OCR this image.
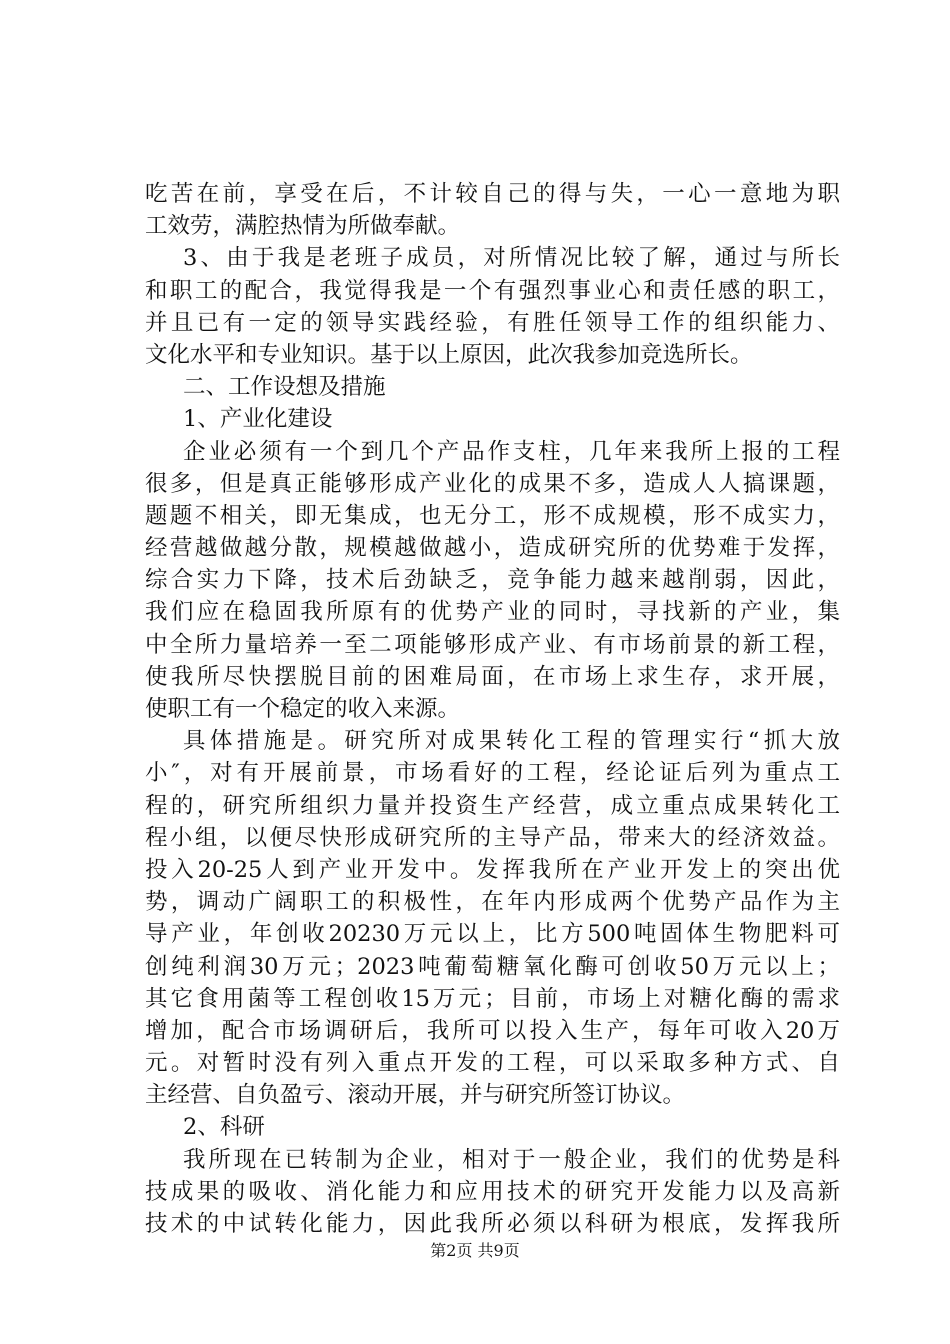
吃苦在前，享受在后，不计较自己的得与失，一心一意地为职
工效劳，满腔热情为所做奉献。
3、由于我是老班子成员，对所情况比较了解，通过与所长
和职工的配合，我觉得我是一个有强烈事业心和责任感的职工，
并且已有一定的领导实践经验，有胜任领导工作的组织能力、
文化水平和专业知识。基于以上原因，此次我参加竞选所长。
二、工作设想及措施
1、产业化建设
企业必须有一个到几个产品作支柱，几年来我所上报的工程
很多，但是真正能够形成产业化的成果不多，造成人人搞课题，
题题不相关，即无集成，也无分工，形不成规模，形不成实力，
经营越做越分散，规模越做越小，造成研究所的优势难于发挥，
综合实力下降，技术后劲缺乏，竞争能力越来越削弱，因此，
我们应在稳固我所原有的优势产业的同时，寻找新的产业，集
中全所力量培养一至二项能够形成产业、有市场前景的新工程，
使我所尽快摆脱目前的困难局面，在市场上求生存，求开展，
使职工有一个稳定的收入来源。
具体措施是。研究所对成果转化工程的管理实行“抓大放
小″，对有开展前景，市场看好的工程，经论证后列为重点工
程的，研究所组织力量并投资生产经营，成立重点成果转化工
程小组，以便尽快形成研究所的主导产品，带来大的经济效益。
投入20-25人到产业开发中。发挥我所在产业开发上的突出优
势，调动广阔职工的积极性，在年内形成两个优势产品作为主
导产业，年创收20230万元以上，比方500吨固体生物肥料可
创纯利润30万元；2023吨葡萄糖氧化酶可创收50万元以上；
其它食用菌等工程创收15万元；目前，市场上对糖化酶的需求
增加，配合市场调研后，我所可以投入生产，每年可收入20万
元。对暂时没有列入重点开发的工程，可以采取多种方式、自
主经营、自负盈亏、滚动开展，并与研究所签订协议。
2、科研
我所现在已转制为企业，相对于一般企业，我们的优势是科
技成果的吸收、消化能力和应用技术的研究开发能力以及高新
技术的中试转化能力，因此我所必须以科研为根底，发挥我所
第2页 共9页
